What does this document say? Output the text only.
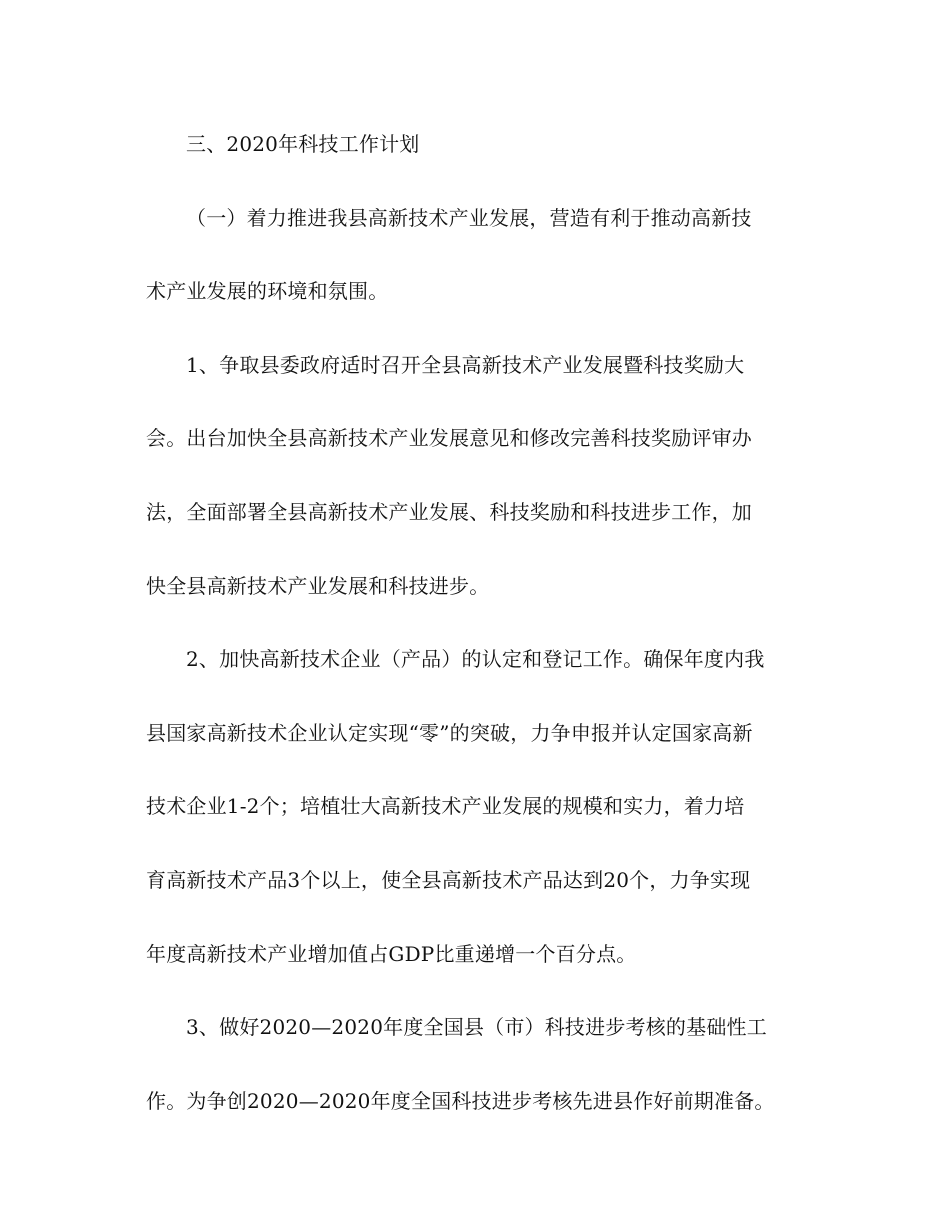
三、2020年科技工作计划
（一）着力推进我县高新技术产业发展，营造有利于推动高新技
术产业发展的环境和氛围。
1、争取县委政府适时召开全县高新技术产业发展暨科技奖励大
会。出台加快全县高新技术产业发展意见和修改完善科技奖励评审办
法，全面部署全县高新技术产业发展、科技奖励和科技进步工作，加
快全县高新技术产业发展和科技进步。
2、加快高新技术企业（产品）的认定和登记工作。确保年度内我
县国家高新技术企业认定实现“零”的突破，力争申报并认定国家高新
技术企业1-2个；培植壮大高新技术产业发展的规模和实力，着力培
育高新技术产品3个以上，使全县高新技术产品达到20个，力争实现
年度高新技术产业增加值占GDP比重递增一个百分点。
3、做好2020—2020年度全国县（市）科技进步考核的基础性工
作。为争创2020—2020年度全国科技进步考核先进县作好前期准备。
